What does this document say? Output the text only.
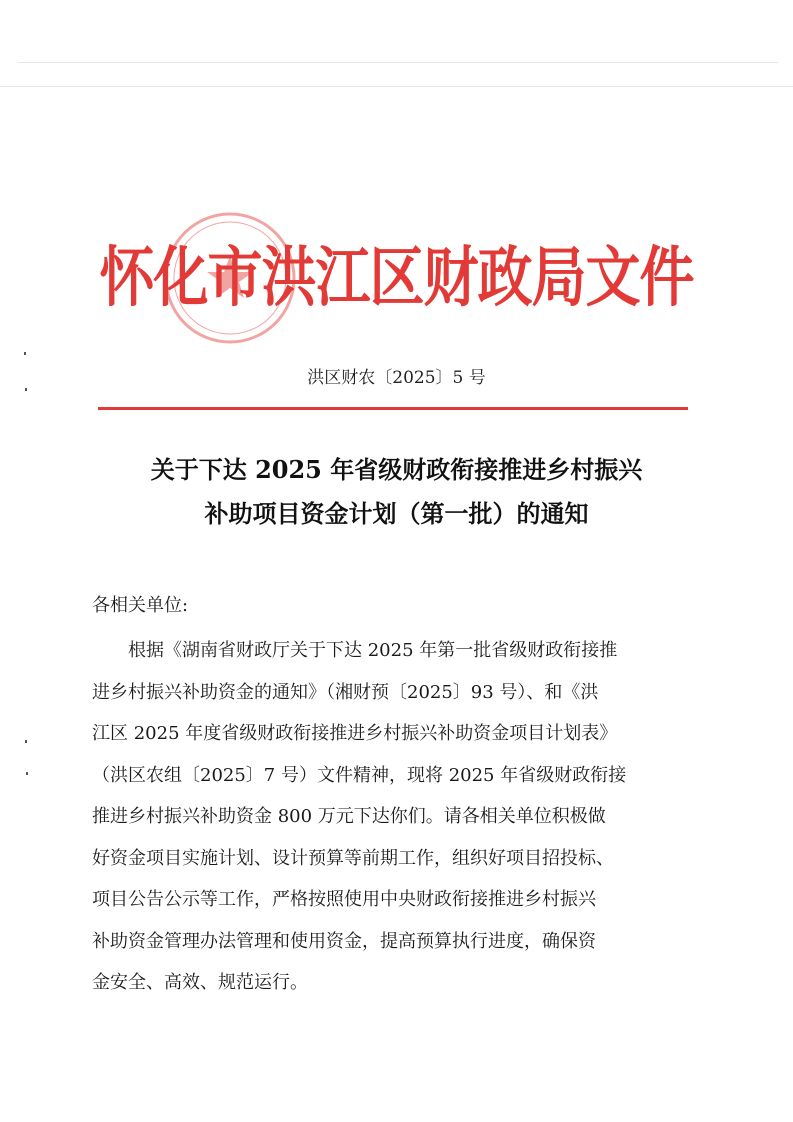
怀化市洪江区财政局文件
洪区财农〔2025〕5 号
关于下达 2025 年省级财政衔接推进乡村振兴
补助项目资金计划（第一批）的通知
各相关单位:
　　根据《湖南省财政厅关于下达 2025 年第一批省级财政衔接推
进乡村振兴补助资金的通知》（湘财预〔2025〕93 号）、和《洪
江区 2025 年度省级财政衔接推进乡村振兴补助资金项目计划表》
（洪区农组〔2025〕7 号）文件精神，现将 2025 年省级财政衔接
推进乡村振兴补助资金 800 万元下达你们。请各相关单位积极做
好资金项目实施计划、设计预算等前期工作，组织好项目招投标、
项目公告公示等工作，严格按照使用中央财政衔接推进乡村振兴
补助资金管理办法管理和使用资金，提高预算执行进度，确保资
金安全、高效、规范运行。
